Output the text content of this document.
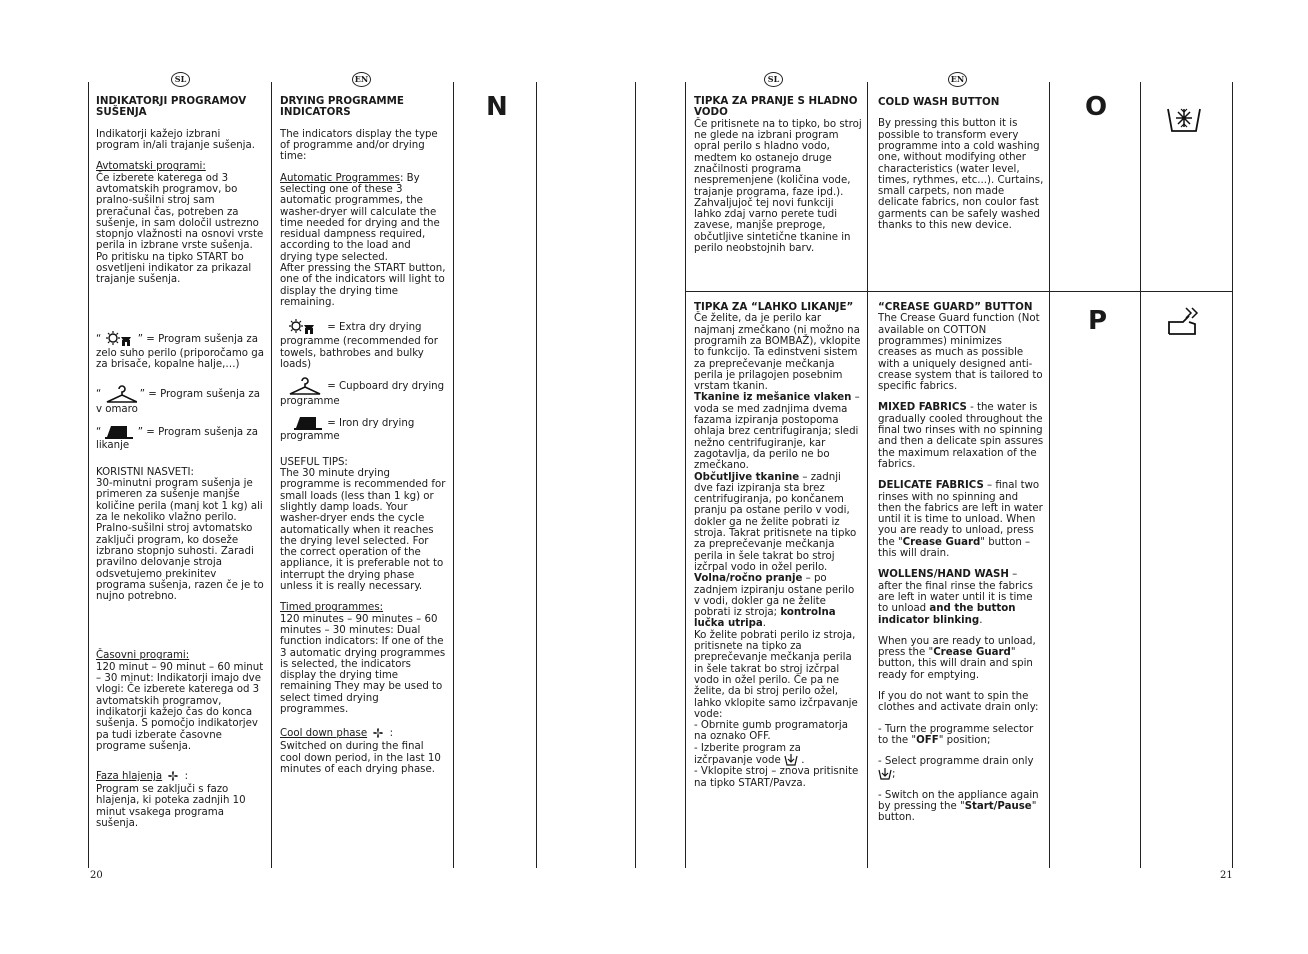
SL	EN
N
20

INDIKATORJI PROGRAMOV SUŠENJA

Indikatorji kažejo izbrani program in/ali trajanje sušenja.

Avtomatski programi:

Če izberete katerega od 3 avtomatskih programov, bo pralno-sušilni stroj sam preračunal čas, potreben za sušenje, in sam določil ustrezno stopnjo vlažnosti na osnovi vrste perila in izbrane vrste sušenja.

Po pritisku na tipko START bo osvetljeni indikator za prikazal trajanje sušenja.

“	” = Program sušenja za zelo suho perilo (priporočamo ga za brisače, kopalne halje,…)

“	” = Program sušenja za v omaro

“	” = Program sušenja za likanje

KORISTNI NASVETI:

30-minutni program sušenja je primeren za sušenje manjše količine perila (manj kot 1 kg) ali za le nekoliko vlažno perilo. Pralno-sušilni stroj avtomatsko zaključi program, ko doseže izbrano stopnjo suhosti. Zaradi pravilno delovanje stroja odsvetujemo prekinitev programa sušenja, razen če je to nujno potrebno.

Časovni programi:

120 minut – 90 minut – 60 minut – 30 minut: Indikatorji imajo dve vlogi: Če izberete katerega od 3 avtomatskih programov, indikatorji kažejo čas do konca sušenja. S pomočjo indikatorjev pa tudi izberate časovne programe sušenja.

Faza hlajenja  :

Program se zaključi s fazo hlajenja, ki poteka zadnjih 10 minut vsakega programa sušenja.

DRYING PROGRAMME INDICATORS

The indicators display the type of programme and/or drying time:

Automatic Programmes: By selecting one of these 3 automatic programmes, the washer-dryer will calculate the time needed for drying and the residual dampness required, according to the load and drying type selected.

After pressing the START button, one of the indicators will light to display the drying time remaining.

= Extra dry drying programme (recommended for towels, bathrobes and bulky loads)

= Cupboard dry drying programme

= Iron dry drying programme

USEFUL TIPS:

The 30 minute drying programme is recommended for small loads (less than 1 kg) or slightly damp loads. Your washer-dryer ends the cycle automatically when it reaches the drying level selected. For the correct operation of the appliance, it is preferable not to interrupt the drying phase unless it is really necessary.

Timed programmes:

120 minutes – 90 minutes – 60 minutes – 30 minutes: Dual function indicators: If one of the 3 automatic drying programmes is selected, the indicators display the drying time remaining They may be used to select timed drying programmes.

Cool down phase  :

Switched on during the final cool down period, in the last 10 minutes of each drying phase.

SL	EN
O
P
21

TIPKA ZA PRANJE S HLADNO VODO

Če pritisnete na to tipko, bo stroj ne glede na izbrani program opral perilo s hladno vodo, medtem ko ostanejo druge značilnosti programa nespremenjene (količina vode, trajanje programa, faze ipd.). Zahvaljujoč tej novi funkciji lahko zdaj varno perete tudi zavese, manjše preproge, občutljive sintetične tkanine in perilo neobstojnih barv.

COLD WASH BUTTON

By pressing this button it is possible to transform every programme into a cold washing one, without modifying other characteristics (water level, times, rythmes, etc...). Curtains, small carpets, non made delicate fabrics, non coulor fast garments can be safely washed thanks to this new device.

TIPKA ZA “LAHKO LIKANJE”

Če želite, da je perilo kar najmanj zmečkano (ni možno na programih za BOMBAŽ), vklopite to funkcijo. Ta edinstveni sistem za preprečevanje mečkanja perila je prilagojen posebnim vrstam tkanin.

Tkanine iz mešanice vlaken – voda se med zadnjima dvema fazama izpiranja postopoma ohlaja brez centrifugiranja; sledi nežno centrifugiranje, kar zagotavlja, da perilo ne bo zmečkano.

Občutljive tkanine – zadnji dve fazi izpiranja sta brez centrifugiranja, po končanem pranju pa ostane perilo v vodi, dokler ga ne želite pobrati iz stroja. Takrat pritisnete na tipko za preprečevanje mečkanja perila in šele takrat bo stroj izčrpal vodo in ožel perilo.

Volna/ročno pranje – po zadnjem izpiranju ostane perilo v vodi, dokler ga ne želite pobrati iz stroja; kontrolna lučka utripa.

Ko želite pobrati perilo iz stroja, pritisnete na tipko za preprečevanje mečkanja perila in šele takrat bo stroj izčrpal vodo in ožel perilo. Če pa ne želite, da bi stroj perilo ožel, lahko vklopite samo izčrpavanje vode:

- Obrnite gumb programatorja na oznako OFF.

- Izberite program za izčrpavanje vode  .

- Vklopite stroj – znova pritisnite na tipko START/Pavza.

“CREASE GUARD” BUTTON

The Crease Guard function (Not available on COTTON programmes) minimizes creases as much as possible with a uniquely designed anti-crease system that is tailored to specific fabrics.

MIXED FABRICS - the water is gradually cooled throughout the final two rinses with no spinning and then a delicate spin assures the maximum relaxation of the fabrics.

DELICATE FABRICS – final two rinses with no spinning and then the fabrics are left in water until it is time to unload. When you are ready to unload, press the "Crease Guard" button – this will drain.

WOLLENS/HAND WASH – after the final rinse the fabrics are left in water until it is time to unload and the button indicator blinking.

When you are ready to unload, press the "Crease Guard" button, this will drain and spin ready for emptying.

If you do not want to spin the clothes and activate drain only:

- Turn the programme selector to the "OFF" position;

- Select programme drain only ;

- Switch on the appliance again by pressing the "Start/Pause" button.
